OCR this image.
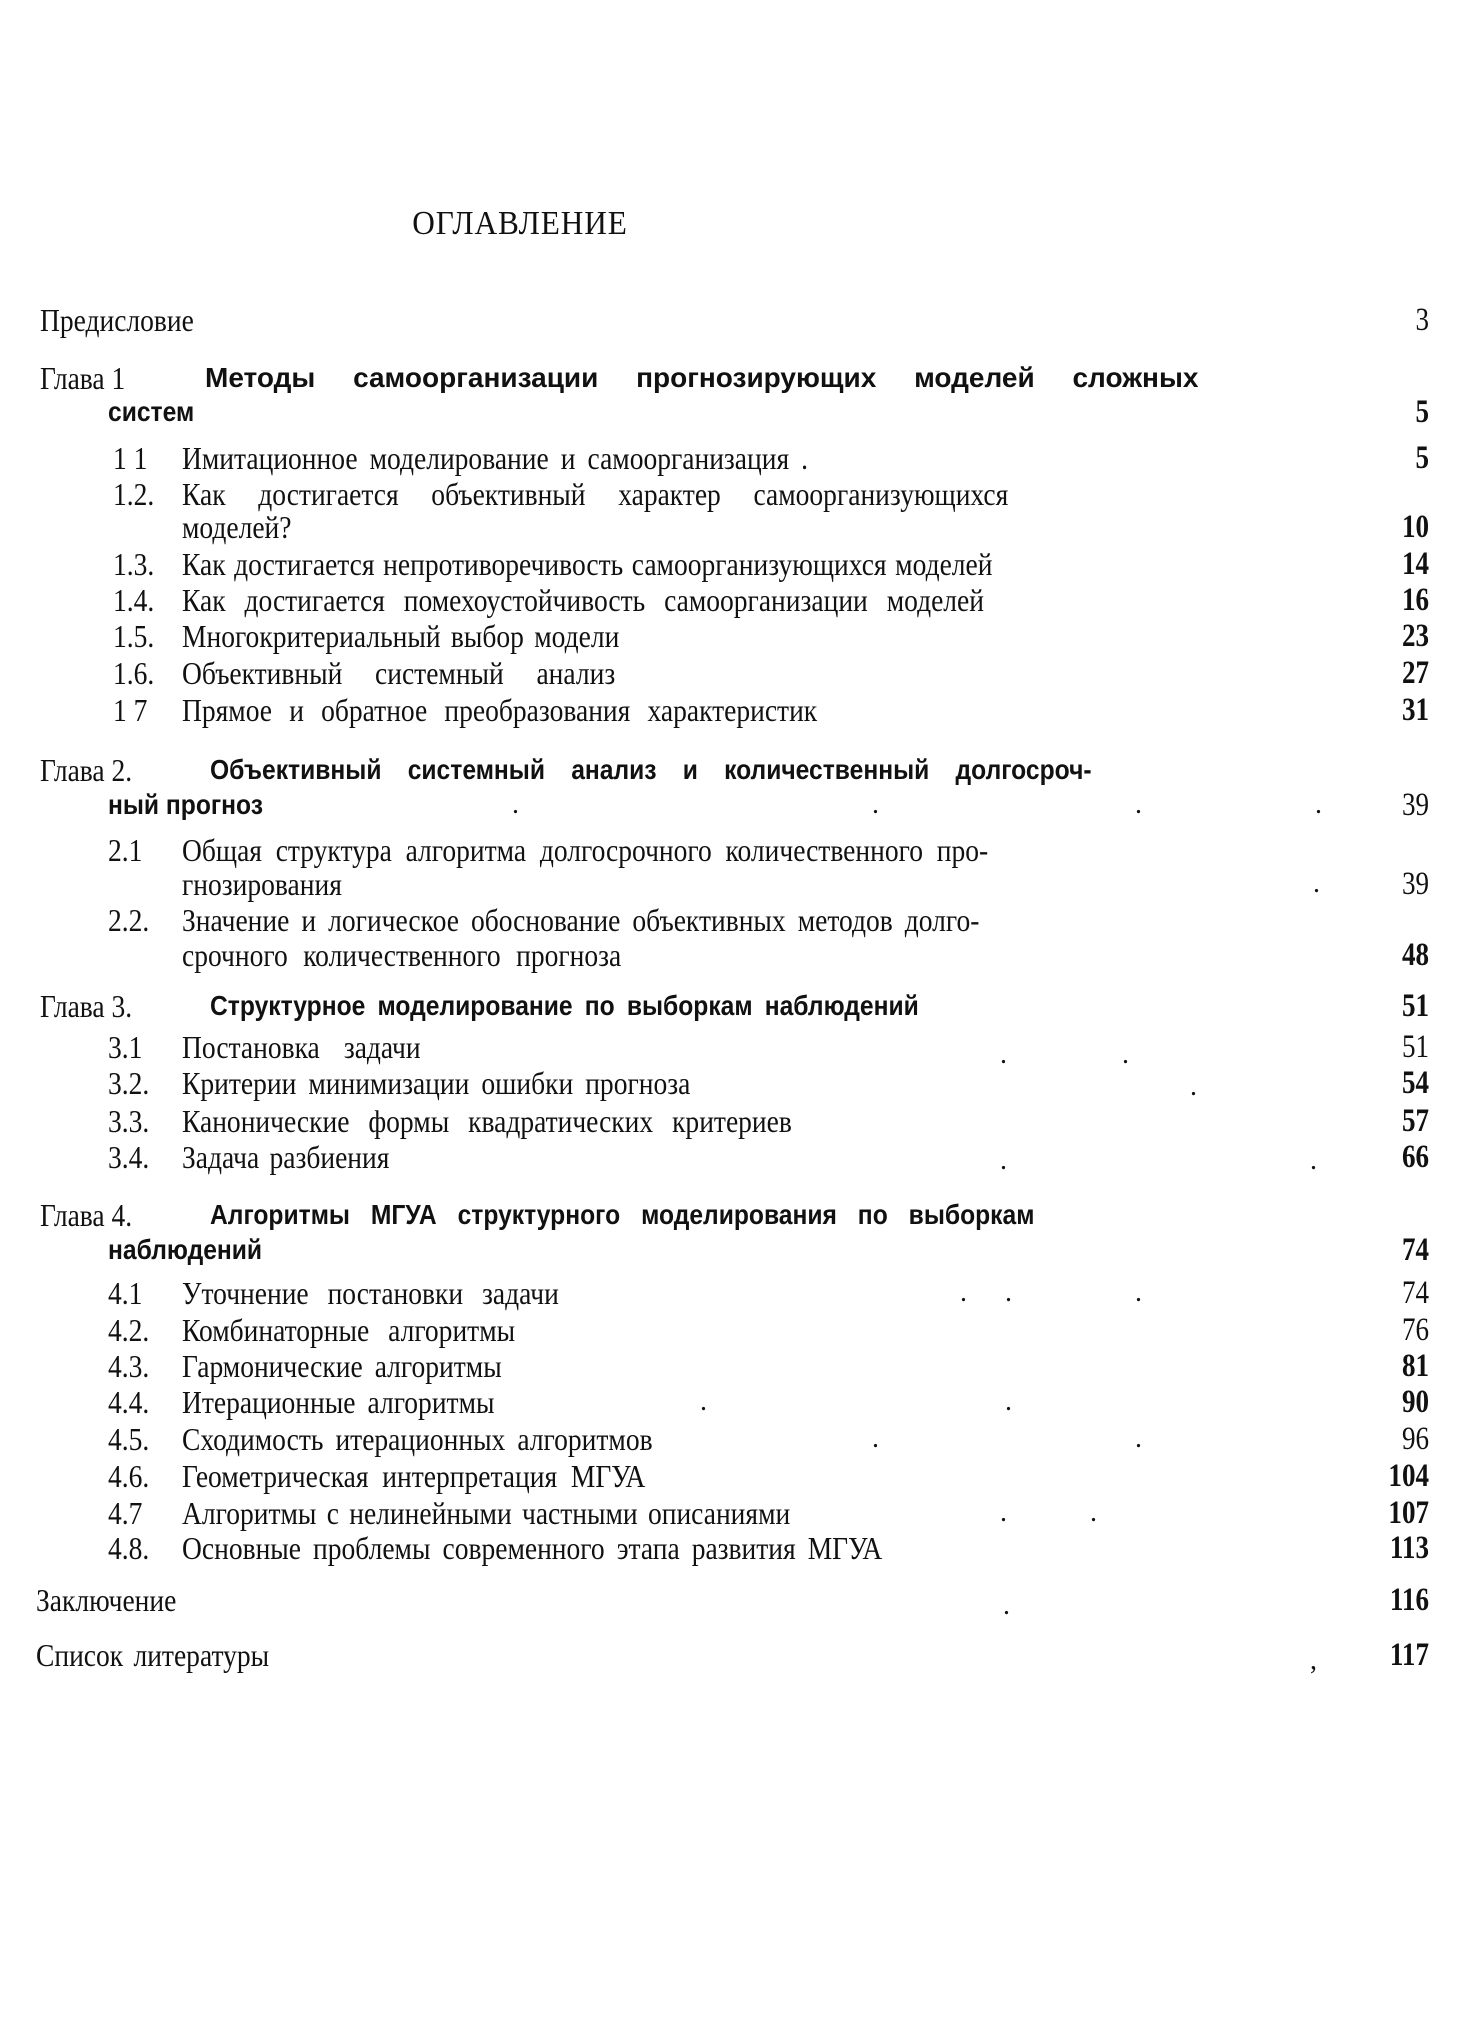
ОГЛАВЛЕНИЕ
Предисловие	3
Глава 1	Методы самоорганизации прогнозирующих моделей сложных
систем	5
1 1 Имитационное моделирование и самоорганизация .	5
1.2. Как достигается объективный характер самоорганизующихся
моделей?	10
1.3. Как достигается непротиворечивость самоорганизующихся моделей	14
1.4. Как достигается помехоустойчивость самоорганизации моделей	16
1.5. Многокритериальный выбор модели	23
1.6. Объективный системный анализ	27
1 7 Прямое и обратное преобразования характеристик	31
Глава 2.	Объективный системный анализ и количественный долгосроч-
ный прогноз	.	.	.	.	39
2.1 Общая структура алгоритма долгосрочного количественного про-
гнозирования	.	39
2.2. Значение и логическое обоснование объективных методов долго-
срочного количественного прогноза	48
Глава 3.	Структурное моделирование по выборкам наблюдений	51
3.1 Постановка задачи	.	.	51
3.2. Критерии минимизации ошибки прогноза	.	54
3.3. Канонические формы квадратических критериев	57
3.4. Задача разбиения	.	.	66
Глава 4.	Алгоритмы МГУА структурного моделирования по выборкам
наблюдений	74
4.1 Уточнение постановки задачи	. .	.	74
4.2. Комбинаторные алгоритмы	76
4.3. Гармонические алгоритмы	81
4.4. Итерационные алгоритмы	.	.	90
4.5. Сходимость итерационных алгоритмов	.	.	96
4.6. Геометрическая интерпретация МГУА	104
4.7 Алгоритмы с нелинейными частными описаниями	.	.	107
4.8. Основные проблемы современного этапа развития МГУА	113
Заключение	.	116
Список литературы	,	117
